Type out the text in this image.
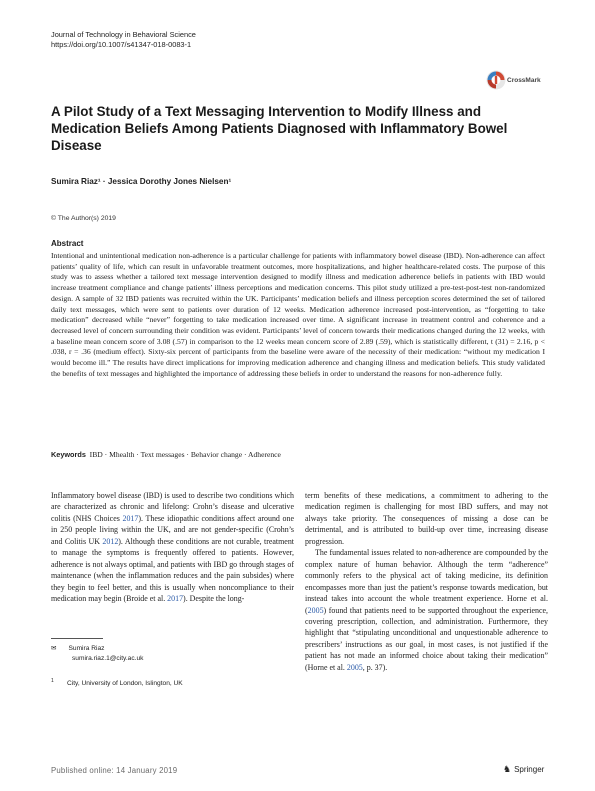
Journal of Technology in Behavioral Science
https://doi.org/10.1007/s41347-018-0083-1
CrossMark
A Pilot Study of a Text Messaging Intervention to Modify Illness and Medication Beliefs Among Patients Diagnosed with Inflammatory Bowel Disease
Sumira Riaz¹ · Jessica Dorothy Jones Nielsen¹
© The Author(s) 2019
Abstract
Intentional and unintentional medication non-adherence is a particular challenge for patients with inflammatory bowel disease (IBD). Non-adherence can affect patients’ quality of life, which can result in unfavorable treatment outcomes, more hospitalizations, and higher healthcare-related costs. The purpose of this study was to assess whether a tailored text message intervention designed to modify illness and medication adherence beliefs in patients with IBD would increase treatment compliance and change patients’ illness perceptions and medication concerns. This pilot study utilized a pre-test-post-test non-randomized design. A sample of 32 IBD patients was recruited within the UK. Participants’ medication beliefs and illness perception scores determined the set of tailored daily text messages, which were sent to patients over duration of 12 weeks. Medication adherence increased post-intervention, as “forgetting to take medication” decreased while “never” forgetting to take medication increased over time. A significant increase in treatment control and coherence and a decreased level of concern surrounding their condition was evident. Participants’ level of concern towards their medications changed during the 12 weeks, with a baseline mean concern score of 3.08 (.57) in comparison to the 12 weeks mean concern score of 2.89 (.59), which is statistically different, t (31) = 2.16, p < .038, r = .36 (medium effect). Sixty-six percent of participants from the baseline were aware of the necessity of their medication: “without my medication I would become ill.” The results have direct implications for improving medication adherence and changing illness and medication beliefs. This study validated the benefits of text messages and highlighted the importance of addressing these beliefs in order to understand the reasons for non-adherence fully.
Keywords IBD · Mhealth · Text messages · Behavior change · Adherence

Inflammatory bowel disease (IBD) is used to describe two conditions which are characterized as chronic and lifelong: Crohn’s disease and ulcerative colitis (NHS Choices 2017). These idiopathic conditions affect around one in 250 people living within the UK, and are not gender-specific (Crohn’s and Colitis UK 2012). Although these conditions are not curable, treatment to manage the symptoms is frequently offered to patients. However, adherence is not always optimal, and patients with IBD go through stages of maintenance (when the inflammation reduces and the pain subsides) where they begin to feel better, and this is usually when noncompliance to their medication may begin (Broide et al. 2017). Despite the long-

term benefits of these medications, a commitment to adhering to the medication regimen is challenging for most IBD suffers, and may not always take priority. The consequences of missing a dose can be detrimental, and is attributed to build-up over time, increasing disease progression.

The fundamental issues related to non-adherence are compounded by the complex nature of human behavior. Although the term “adherence” commonly refers to the physical act of taking medicine, its definition encompasses more than just the patient’s response towards medication, but instead takes into account the whole treatment experience. Horne et al. (2005) found that patients need to be supported throughout the experience, covering prescription, collection, and administration. Furthermore, they highlight that “stipulating unconditional and unquestionable adherence to prescribers’ instructions as our goal, in most cases, is not justified if the patient has not made an informed choice about taking their medication” (Horne et al. 2005, p. 37).

✉ Sumira Riaz
sumira.riaz.1@city.ac.uk
$^1$ City, University of London, Islington, UK
Published online: 14 January 2019	♞ Springer
